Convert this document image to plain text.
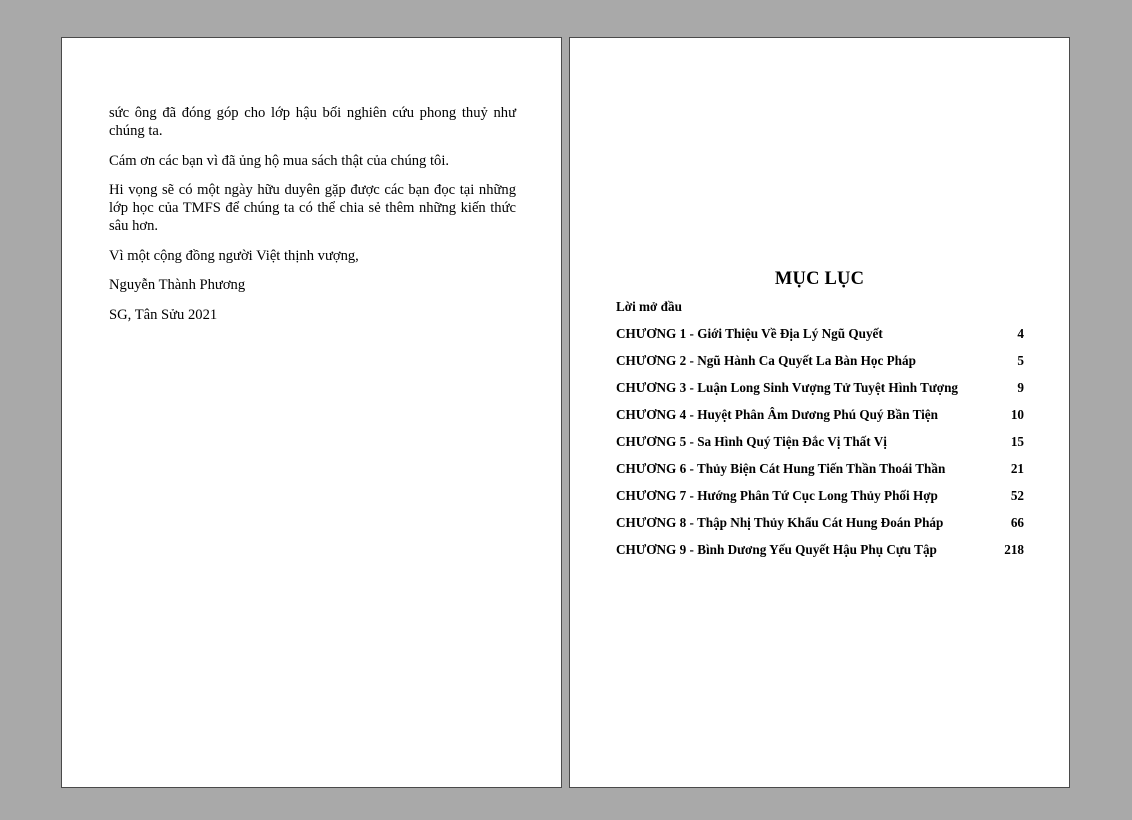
sức ông đã đóng góp cho lớp hậu bối nghiên cứu phong thuỷ như chúng ta.

Cám ơn các bạn vì đã ủng hộ mua sách thật của chúng tôi.

Hi vọng sẽ có một ngày hữu duyên gặp được các bạn đọc tại những lớp học của TMFS để chúng ta có thể chia sẻ thêm những kiến thức sâu hơn.

Vì một cộng đồng người Việt thịnh vượng,

Nguyễn Thành Phương

SG, Tân Sửu 2021

MỤC LỤC
Lời mở đầu
CHƯƠNG 1 - Giới Thiệu Về Địa Lý Ngũ Quyết	4
CHƯƠNG 2 - Ngũ Hành Ca Quyết La Bàn Học Pháp	5
CHƯƠNG 3 - Luận Long Sinh Vượng Tử Tuyệt Hình Tượng	9
CHƯƠNG 4 - Huyệt Phân Âm Dương Phú Quý Bần Tiện	10
CHƯƠNG 5 - Sa Hình Quý Tiện Đắc Vị Thất Vị	15
CHƯƠNG 6 - Thủy Biện Cát Hung Tiến Thần Thoái Thần	21
CHƯƠNG 7 - Hướng Phân Tứ Cục Long Thủy Phối Hợp	52
CHƯƠNG 8 - Thập Nhị Thủy Khẩu Cát Hung Đoán Pháp	66
CHƯƠNG 9 - Bình Dương Yếu Quyết Hậu Phụ Cựu Tập	218
